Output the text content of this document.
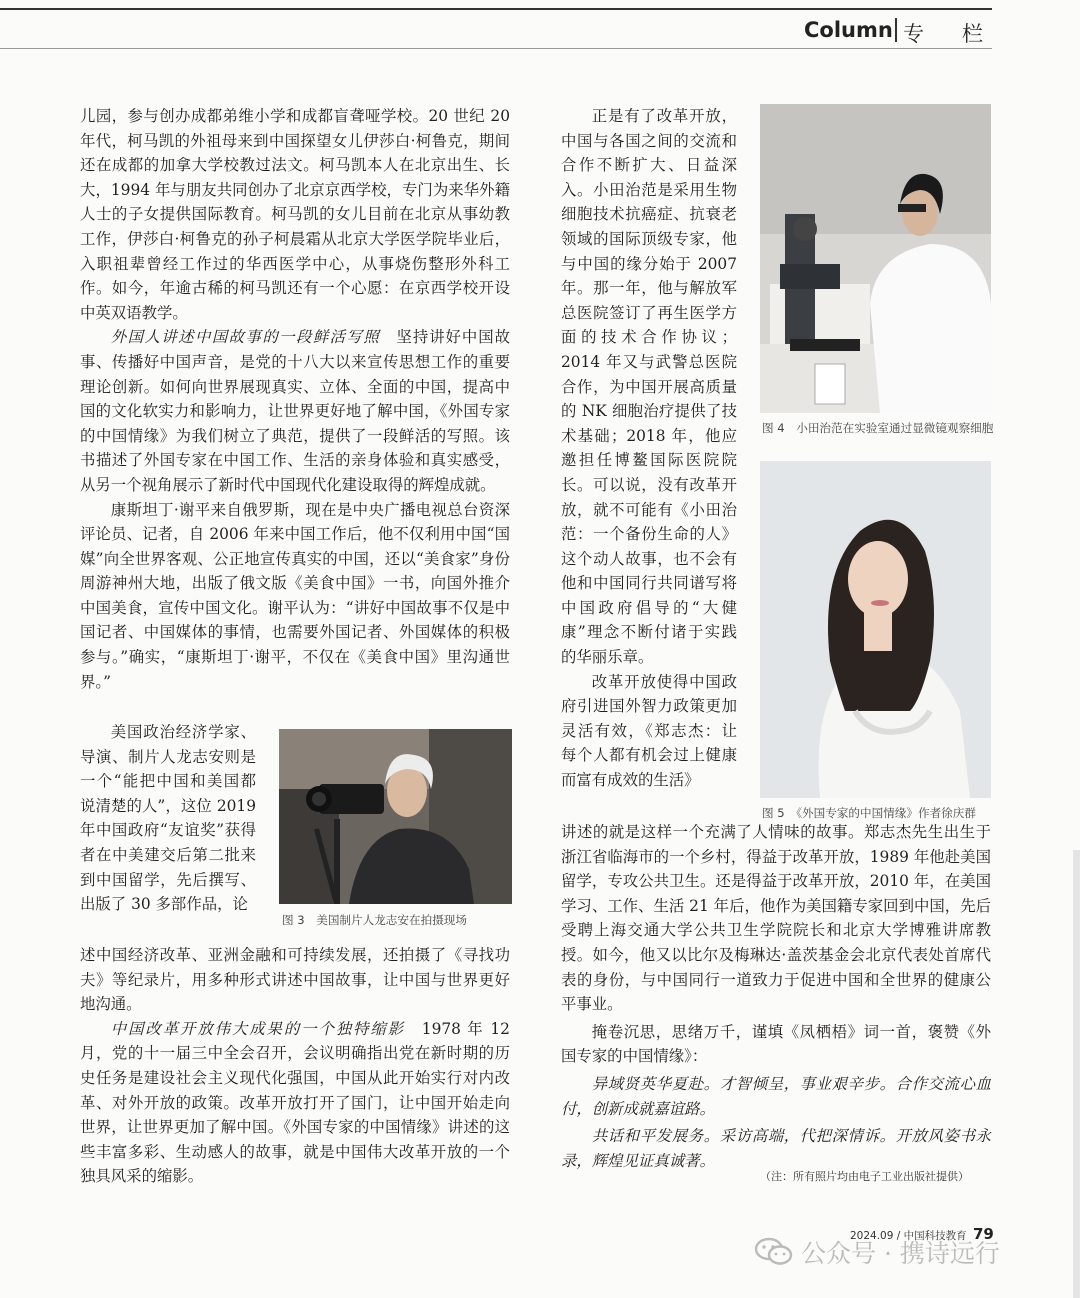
Column 专栏

儿园，参与创办成都弟维小学和成都盲聋哑学校。20 世纪 20 年代，柯马凯的外祖母来到中国探望女儿伊莎白·柯鲁克，期间还在成都的加拿大学校教过法文。柯马凯本人在北京出生、长大，1994 年与朋友共同创办了北京京西学校，专门为来华外籍人士的子女提供国际教育。柯马凯的女儿目前在北京从事幼教工作，伊莎白·柯鲁克的孙子柯晨霜从北京大学医学院毕业后，入职祖辈曾经工作过的华西医学中心，从事烧伤整形外科工作。如今，年逾古稀的柯马凯还有一个心愿：在京西学校开设中英双语教学。

外国人讲述中国故事的一段鲜活写照　 坚持讲好中国故事、传播好中国声音，是党的十八大以来宣传思想工作的重要理论创新。如何向世界展现真实、立体、全面的中国，提高中国的文化软实力和影响力，让世界更好地了解中国，《外国专家的中国情缘》为我们树立了典范，提供了一段鲜活的写照。该书描述了外国专家在中国工作、生活的亲身体验和真实感受，从另一个视角展示了新时代中国现代化建设取得的辉煌成就。

康斯坦丁·谢平来自俄罗斯，现在是中央广播电视总台资深评论员、记者，自 2006 年来中国工作后，他不仅利用中国“国媒”向全世界客观、公正地宣传真实的中国，还以“美食家”身份周游神州大地，出版了俄文版《美食中国》一书，向国外推介中国美食，宣传中国文化。谢平认为：“讲好中国故事不仅是中国记者、中国媒体的事情，也需要外国记者、外国媒体的积极参与。”确实，“康斯坦丁·谢平，不仅在《美食中国》里沟通世界。”

美国政治经济学家、导演、制片人龙志安则是一个“能把中国和美国都说清楚的人”，这位 2019 年中国政府“友谊奖”获得者在中美建交后第二批来到中国留学，先后撰写、出版了 30 多部作品，论

述中国经济改革、亚洲金融和可持续发展，还拍摄了《寻找功夫》等纪录片，用多种形式讲述中国故事，让中国与世界更好地沟通。

中国改革开放伟大成果的一个独特缩影　 1978 年 12 月，党的十一届三中全会召开，会议明确指出党在新时期的历史任务是建设社会主义现代化强国，中国从此开始实行对内改革、对外开放的政策。改革开放打开了国门，让中国开始走向世界，让世界更加了解中国。《外国专家的中国情缘》讲述的这些丰富多彩、生动感人的故事，就是中国伟大改革开放的一个独具风采的缩影。

图 3　美国制片人龙志安在拍摄现场

正是有了改革开放，中国与各国之间的交流和合作不断扩大、日益深入。小田治范是采用生物细胞技术抗癌症、抗衰老领域的国际顶级专家，他与中国的缘分始于 2007 年。那一年，他与解放军总医院签订了再生医学方面的技术合作协议；2014 年又与武警总医院合作，为中国开展高质量的 NK 细胞治疗提供了技术基础；2018 年，他应邀担任博鳌国际医院院长。可以说，没有改革开放，就不可能有《小田治范：一个备份生命的人》这个动人故事，也不会有他和中国同行共同谱写将中国政府倡导的“大健康”理念不断付诸于实践的华丽乐章。

改革开放使得中国政府引进国外智力政策更加灵活有效，《郑志杰：让每个人都有机会过上健康而富有成效的生活》

讲述的就是这样一个充满了人情味的故事。郑志杰先生出生于浙江省临海市的一个乡村，得益于改革开放，1989 年他赴美国留学，专攻公共卫生。还是得益于改革开放，2010 年，在美国学习、工作、生活 21 年后，他作为美国籍专家回到中国，先后受聘上海交通大学公共卫生学院院长和北京大学博雅讲席教授。如今，他又以比尔及梅琳达·盖茨基金会北京代表处首席代表的身份，与中国同行一道致力于促进中国和全世界的健康公平事业。

掩卷沉思，思绪万千，谨填《凤栖梧》词一首，褒赞《外国专家的中国情缘》：

异域贤英华夏赴。才智倾呈，事业艰辛步。合作交流心血付，创新成就嘉谊路。

共话和平发展务。采访高端，代把深情诉。开放风姿书永录，辉煌见证真诚著。

（注：所有照片均由电子工业出版社提供）
图 4　小田治范在实验室通过显微镜观察细胞
图 5　《外国专家的中国情缘》作者徐庆群
2024.09 / 中国科技教育 79
公众号 · 携诗远行
